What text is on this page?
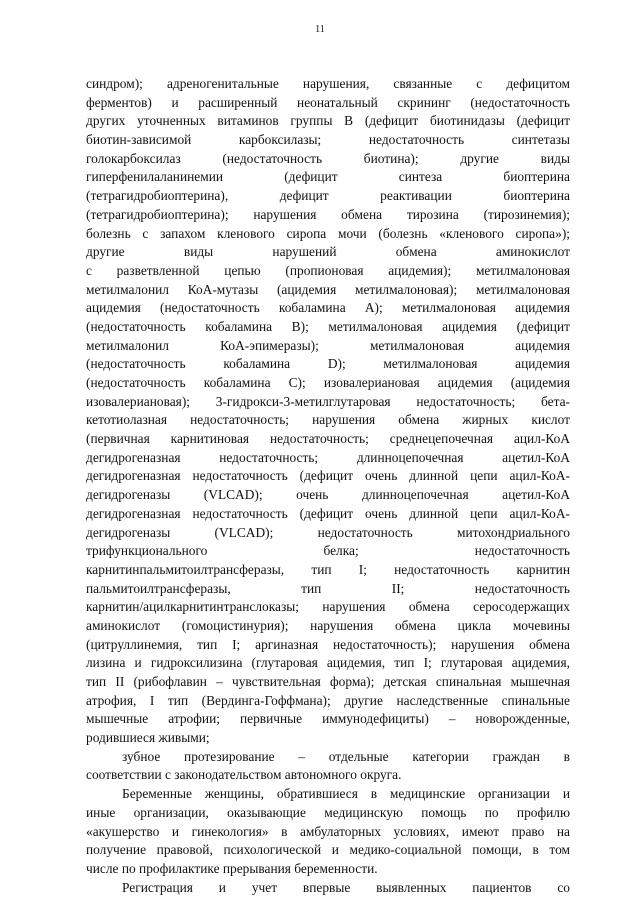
11
синдром); адреногенитальные нарушения, связанные с дефицитом
ферментов) и расширенный неонатальный скрининг (недостаточность
других уточненных витаминов группы В (дефицит биотинидазы (дефицит
биотин-зависимой карбоксилазы; недостаточность синтетазы
голокарбоксилаз (недостаточность биотина); другие виды
гиперфенилаланинемии (дефицит синтеза биоптерина
(тетрагидробиоптерина), дефицит реактивации биоптерина
(тетрагидробиоптерина); нарушения обмена тирозина (тирозинемия);
болезнь с запахом кленового сиропа мочи (болезнь «кленового сиропа»);
другие виды нарушений обмена аминокислот
с разветвленной цепью (пропионовая ацидемия); метилмалоновая
метилмалонил КоА-мутазы (ацидемия метилмалоновая); метилмалоновая
ацидемия (недостаточность кобаламина А); метилмалоновая ацидемия
(недостаточность кобаламина В); метилмалоновая ацидемия (дефицит
метилмалонил КоА-эпимеразы); метилмалоновая ацидемия
(недостаточность кобаламина D); метилмалоновая ацидемия
(недостаточность кобаламина С); изовалериановая ацидемия (ацидемия
изовалериановая); 3-гидрокси-3-метилглутаровая недостаточность; бета-
кетотиолазная недостаточность; нарушения обмена жирных кислот
(первичная карнитиновая недостаточность; среднецепочечная ацил-КоА
дегидрогеназная недостаточность; длинноцепочечная ацетил-КоА
дегидрогеназная недостаточность (дефицит очень длинной цепи ацил-КоА-
дегидрогеназы (VLCAD); очень длинноцепочечная ацетил-КоА
дегидрогеназная недостаточность (дефицит очень длинной цепи ацил-КоА-
дегидрогеназы (VLCAD); недостаточность митохондриального
трифункционального белка; недостаточность
карнитинпальмитоилтрансферазы, тип I; недостаточность карнитин
пальмитоилтрансферазы, тип II; недостаточность
карнитин/ацилкарнитинтранслоказы; нарушения обмена серосодержащих
аминокислот (гомоцистинурия); нарушения обмена цикла мочевины
(цитруллинемия, тип I; аргиназная недостаточность); нарушения обмена
лизина и гидроксилизина (глутаровая ацидемия, тип I; глутаровая ацидемия,
тип II (рибофлавин – чувствительная форма); детская спинальная мышечная
атрофия, I тип (Вердинга-Гоффмана); другие наследственные спинальные
мышечные атрофии; первичные иммунодефициты) – новорожденные,
родившиеся живыми;
зубное протезирование – отдельные категории граждан в
соответствии с законодательством автономного округа.
Беременные женщины, обратившиеся в медицинские организации и
иные организации, оказывающие медицинскую помощь по профилю
«акушерство и гинекология» в амбулаторных условиях, имеют право на
получение правовой, психологической и медико-социальной помощи, в том
числе по профилактике прерывания беременности.
Регистрация и учет впервые выявленных пациентов со
